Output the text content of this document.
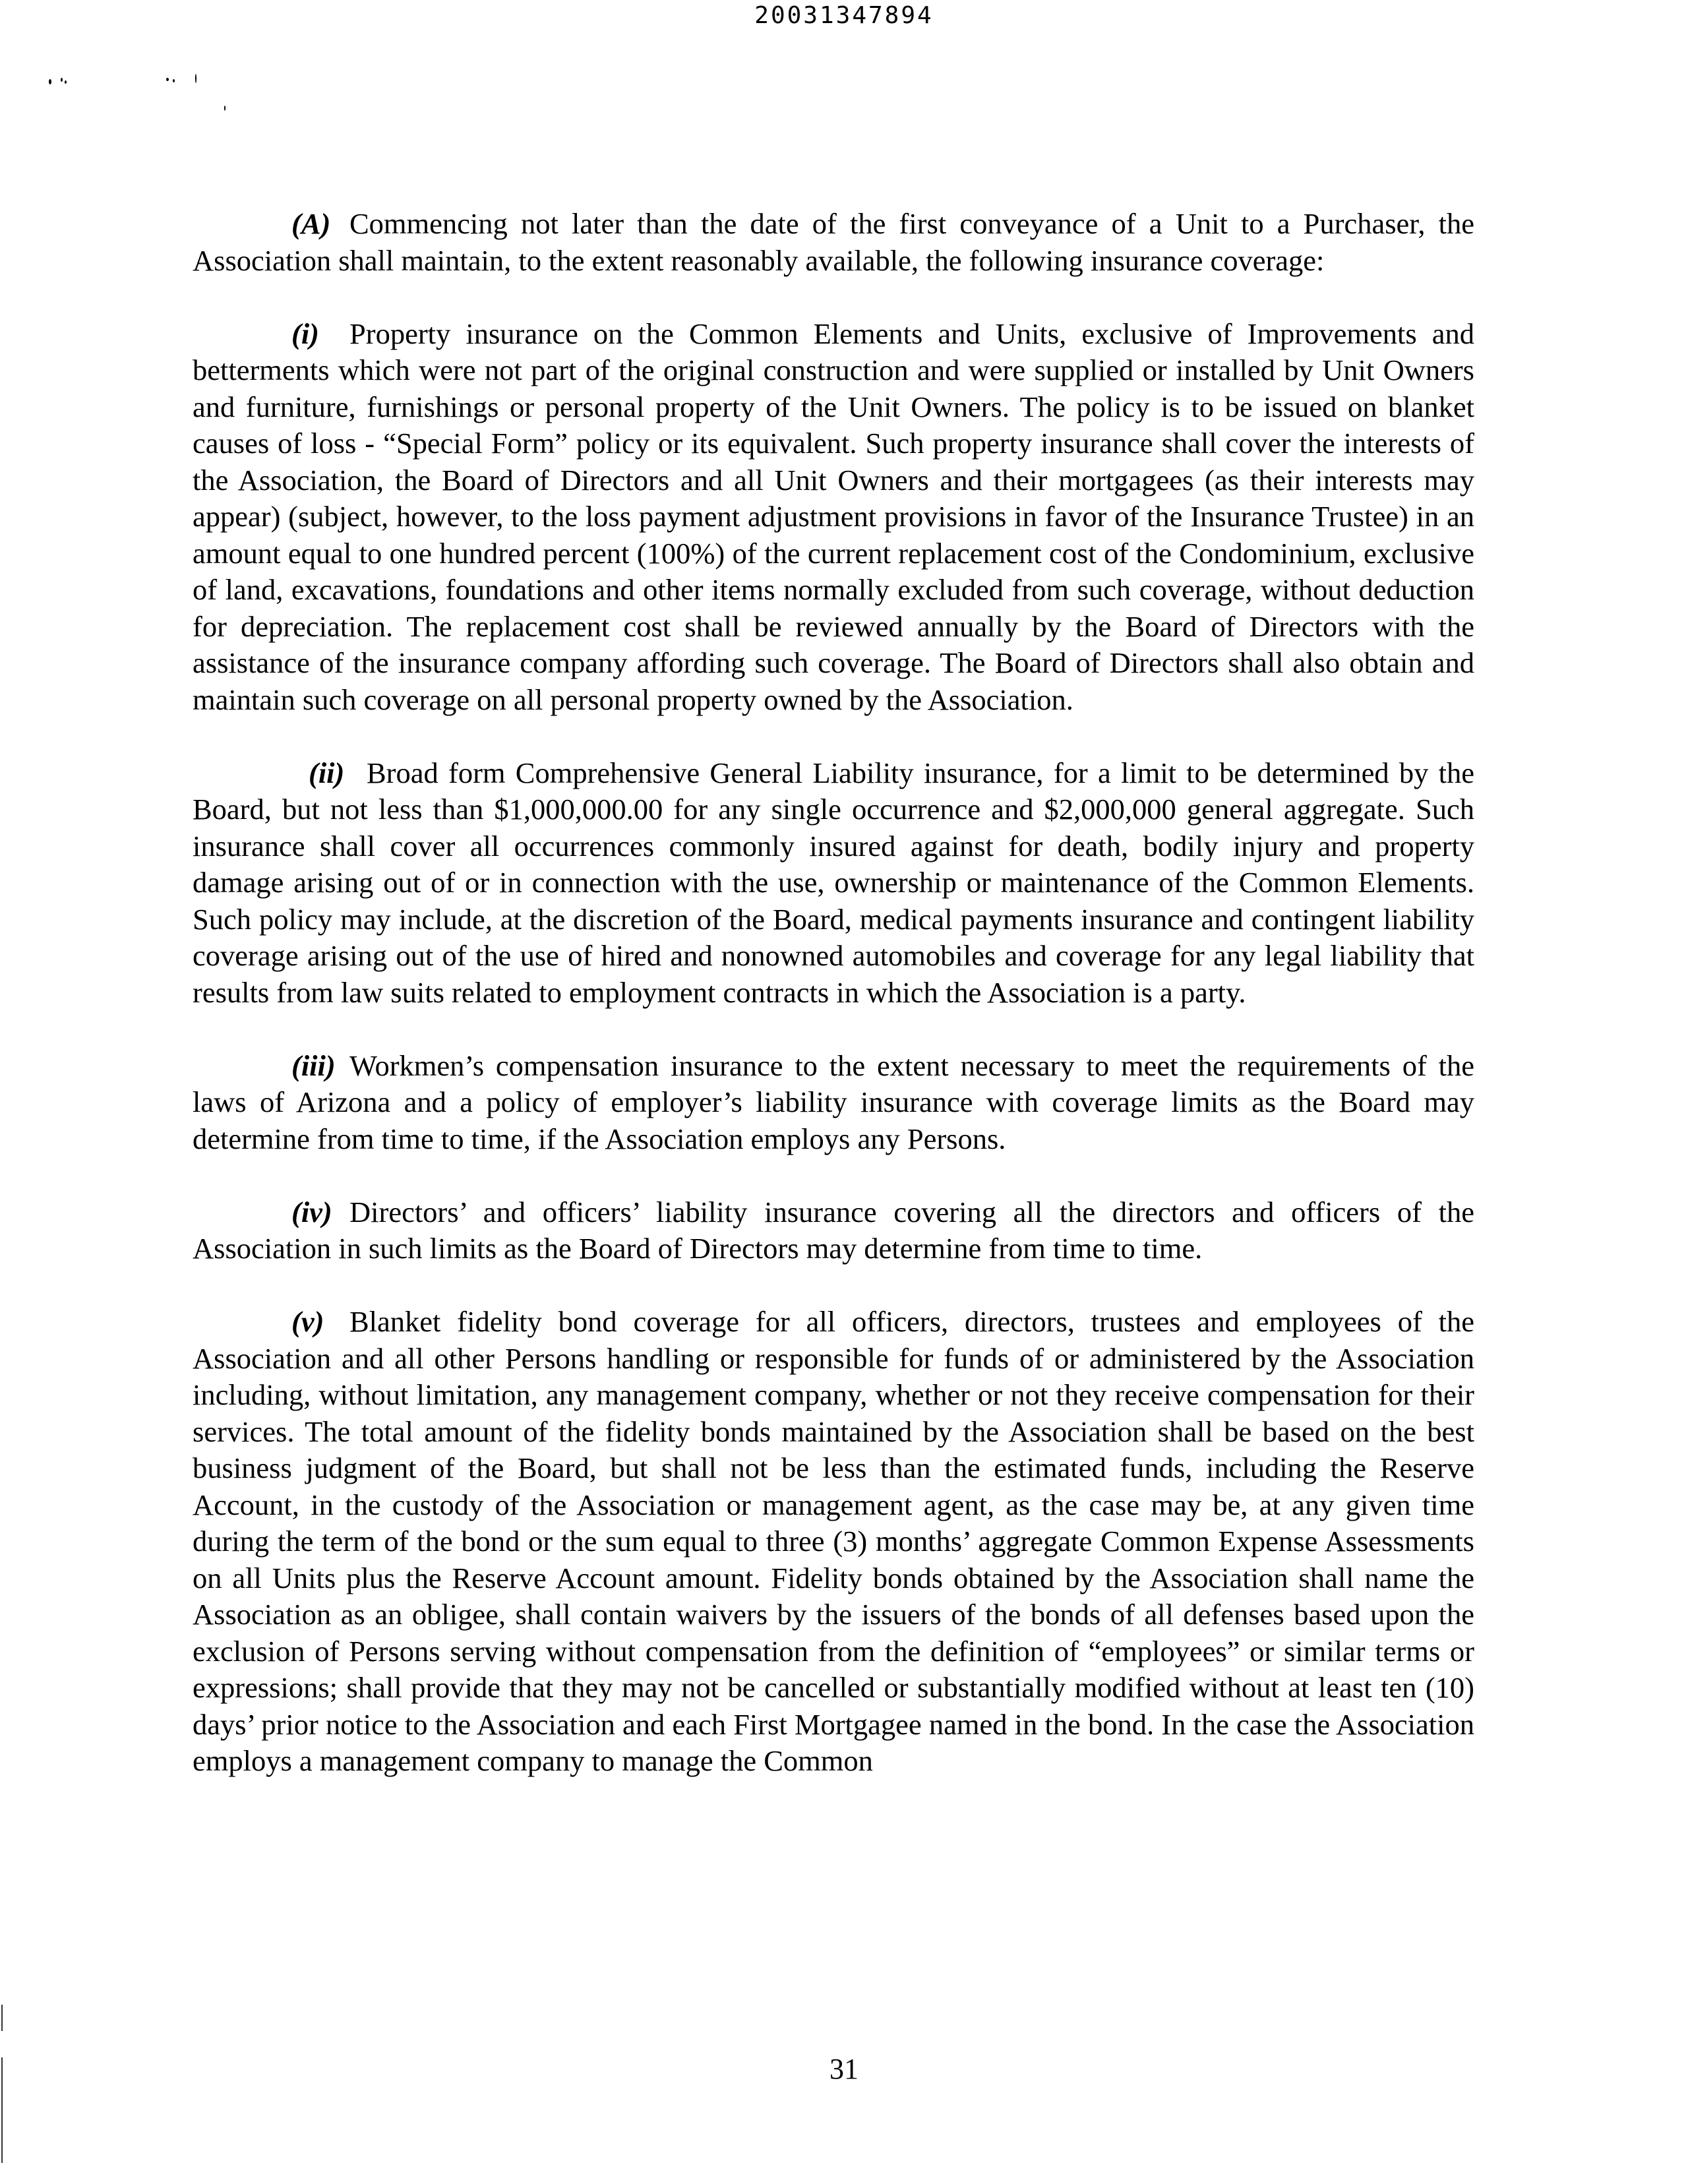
20031347894

(A) Commencing not later than the date of the first conveyance of a Unit to a Purchaser, the Association shall maintain, to the extent reasonably available, the following insurance coverage:

(i) Property insurance on the Common Elements and Units, exclusive of Improvements and betterments which were not part of the original construction and were supplied or installed by Unit Owners and furniture, furnishings or personal property of the Unit Owners. The policy is to be issued on blanket causes of loss - “Special Form” policy or its equivalent. Such property insurance shall cover the interests of the Association, the Board of Directors and all Unit Owners and their mortgagees (as their interests may appear) (subject, however, to the loss payment adjustment provisions in favor of the Insurance Trustee) in an amount equal to one hundred percent (100%) of the current replacement cost of the Condominium, exclusive of land, excavations, foundations and other items normally excluded from such coverage, without deduction for depreciation. The replacement cost shall be reviewed annually by the Board of Directors with the assistance of the insurance company affording such coverage. The Board of Directors shall also obtain and maintain such coverage on all personal property owned by the Association.

(ii) Broad form Comprehensive General Liability insurance, for a limit to be determined by the Board, but not less than $1,000,000.00 for any single occurrence and $2,000,000 general aggregate. Such insurance shall cover all occurrences commonly insured against for death, bodily injury and property damage arising out of or in connection with the use, ownership or maintenance of the Common Elements. Such policy may include, at the discretion of the Board, medical payments insurance and contingent liability coverage arising out of the use of hired and nonowned automobiles and coverage for any legal liability that results from law suits related to employment contracts in which the Association is a party.

(iii) Workmen’s compensation insurance to the extent necessary to meet the requirements of the laws of Arizona and a policy of employer’s liability insurance with coverage limits as the Board may determine from time to time, if the Association employs any Persons.

(iv) Directors’ and officers’ liability insurance covering all the directors and officers of the Association in such limits as the Board of Directors may determine from time to time.

(v) Blanket fidelity bond coverage for all officers, directors, trustees and employees of the Association and all other Persons handling or responsible for funds of or administered by the Association including, without limitation, any management company, whether or not they receive compensation for their services. The total amount of the fidelity bonds maintained by the Association shall be based on the best business judgment of the Board, but shall not be less than the estimated funds, including the Reserve Account, in the custody of the Association or management agent, as the case may be, at any given time during the term of the bond or the sum equal to three (3) months’ aggregate Common Expense Assessments on all Units plus the Reserve Account amount. Fidelity bonds obtained by the Association shall name the Association as an obligee, shall contain waivers by the issuers of the bonds of all defenses based upon the exclusion of Persons serving without compensation from the definition of “employees” or similar terms or expressions; shall provide that they may not be cancelled or substantially modified without at least ten (10) days’ prior notice to the Association and each First Mortgagee named in the bond. In the case the Association employs a management company to manage the Common

31
